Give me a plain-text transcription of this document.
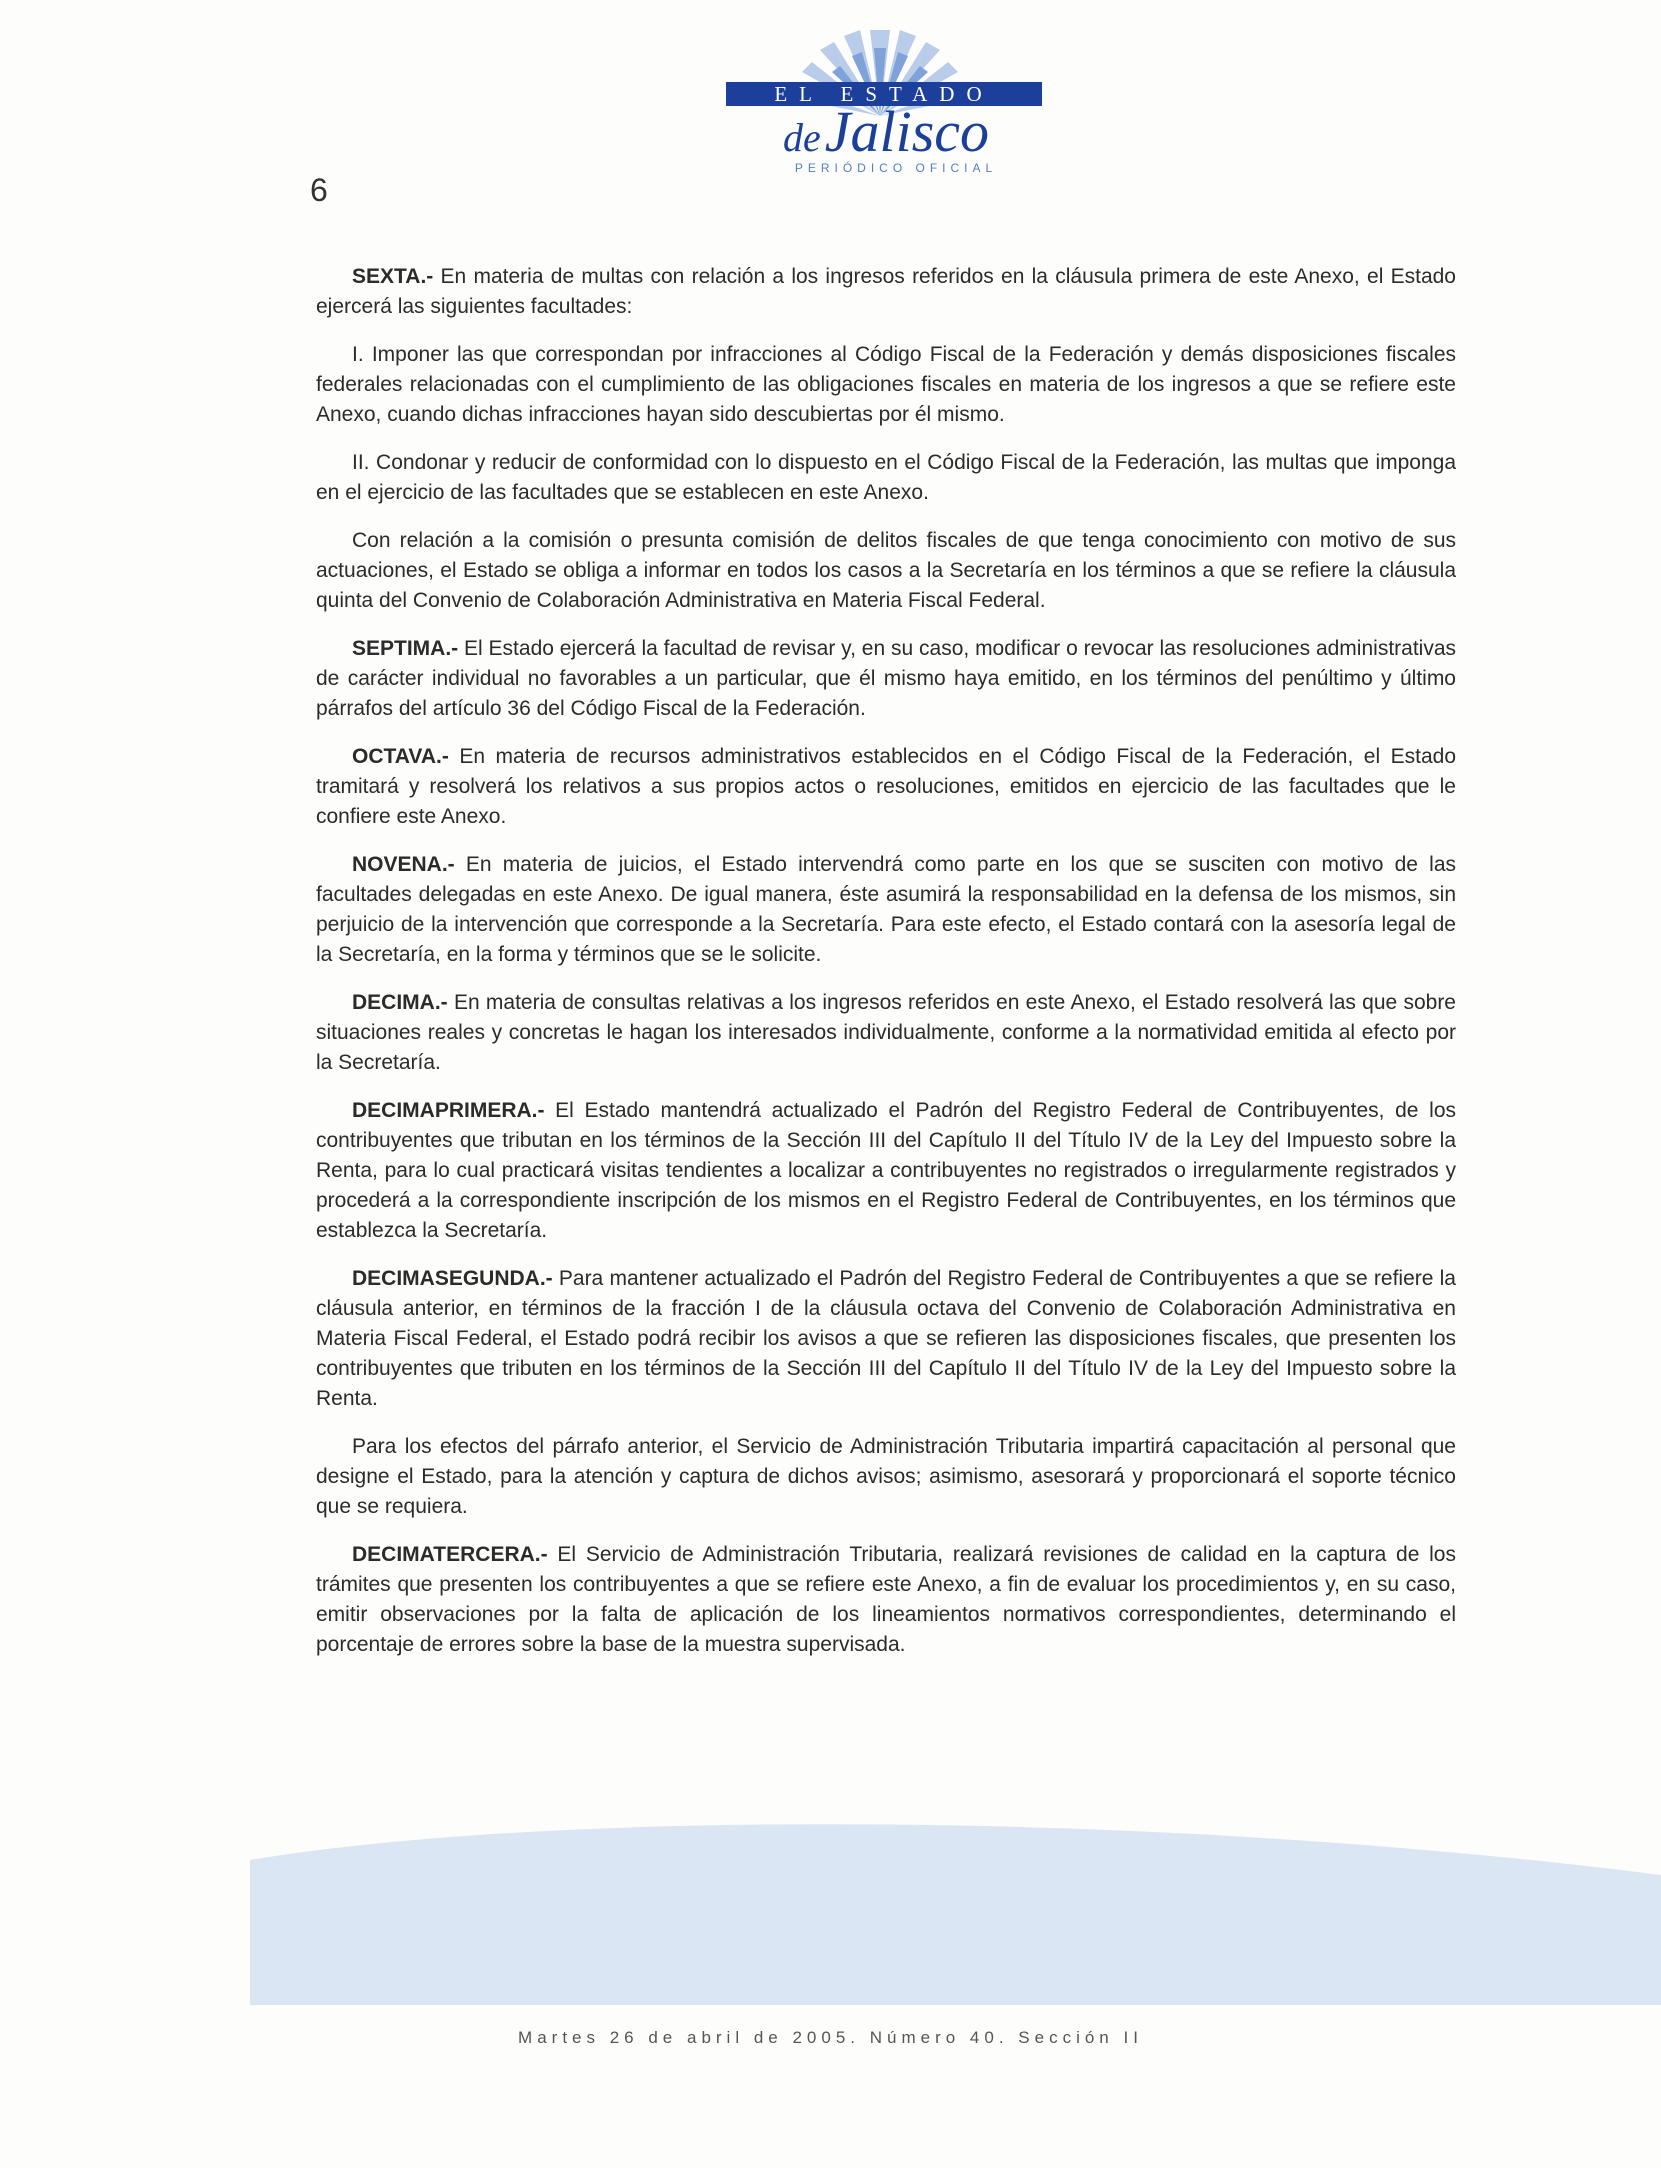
EL ESTADO
de Jalisco
PERIÓDICO OFICIAL
6

SEXTA.- En materia de multas con relación a los ingresos referidos en la cláusula primera de este Anexo, el Estado ejercerá las siguientes facultades:

I. Imponer las que correspondan por infracciones al Código Fiscal de la Federación y demás disposiciones fiscales federales relacionadas con el cumplimiento de las obligaciones fiscales en materia de los ingresos a que se refiere este Anexo, cuando dichas infracciones hayan sido descubiertas por él mismo.

II. Condonar y reducir de conformidad con lo dispuesto en el Código Fiscal de la Federación, las multas que imponga en el ejercicio de las facultades que se establecen en este Anexo.

Con relación a la comisión o presunta comisión de delitos fiscales de que tenga conocimiento con motivo de sus actuaciones, el Estado se obliga a informar en todos los casos a la Secretaría en los términos a que se refiere la cláusula quinta del Convenio de Colaboración Administrativa en Materia Fiscal Federal.

SEPTIMA.- El Estado ejercerá la facultad de revisar y, en su caso, modificar o revocar las resoluciones administrativas de carácter individual no favorables a un particular, que él mismo haya emitido, en los términos del penúltimo y último párrafos del artículo 36 del Código Fiscal de la Federación.

OCTAVA.- En materia de recursos administrativos establecidos en el Código Fiscal de la Federación, el Estado tramitará y resolverá los relativos a sus propios actos o resoluciones, emitidos en ejercicio de las facultades que le confiere este Anexo.

NOVENA.- En materia de juicios, el Estado intervendrá como parte en los que se susciten con motivo de las facultades delegadas en este Anexo. De igual manera, éste asumirá la responsabilidad en la defensa de los mismos, sin perjuicio de la intervención que corresponde a la Secretaría. Para este efecto, el Estado contará con la asesoría legal de la Secretaría, en la forma y términos que se le solicite.

DECIMA.- En materia de consultas relativas a los ingresos referidos en este Anexo, el Estado resolverá las que sobre situaciones reales y concretas le hagan los interesados individualmente, conforme a la normatividad emitida al efecto por la Secretaría.

DECIMAPRIMERA.- El Estado mantendrá actualizado el Padrón del Registro Federal de Contribuyentes, de los contribuyentes que tributan en los términos de la Sección III del Capítulo II del Título IV de la Ley del Impuesto sobre la Renta, para lo cual practicará visitas tendientes a localizar a contribuyentes no registrados o irregularmente registrados y procederá a la correspondiente inscripción de los mismos en el Registro Federal de Contribuyentes, en los términos que establezca la Secretaría.

DECIMASEGUNDA.- Para mantener actualizado el Padrón del Registro Federal de Contribuyentes a que se refiere la cláusula anterior, en términos de la fracción I de la cláusula octava del Convenio de Colaboración Administrativa en Materia Fiscal Federal, el Estado podrá recibir los avisos a que se refieren las disposiciones fiscales, que presenten los contribuyentes que tributen en los términos de la Sección III del Capítulo II del Título IV de la Ley del Impuesto sobre la Renta.

Para los efectos del párrafo anterior, el Servicio de Administración Tributaria impartirá capacitación al personal que designe el Estado, para la atención y captura de dichos avisos; asimismo, asesorará y proporcionará el soporte técnico que se requiera.

DECIMATERCERA.- El Servicio de Administración Tributaria, realizará revisiones de calidad en la captura de los trámites que presenten los contribuyentes a que se refiere este Anexo, a fin de evaluar los procedimientos y, en su caso, emitir observaciones por la falta de aplicación de los lineamientos normativos correspondientes, determinando el porcentaje de errores sobre la base de la muestra supervisada.

Martes 26 de abril de 2005. Número 40. Sección II
